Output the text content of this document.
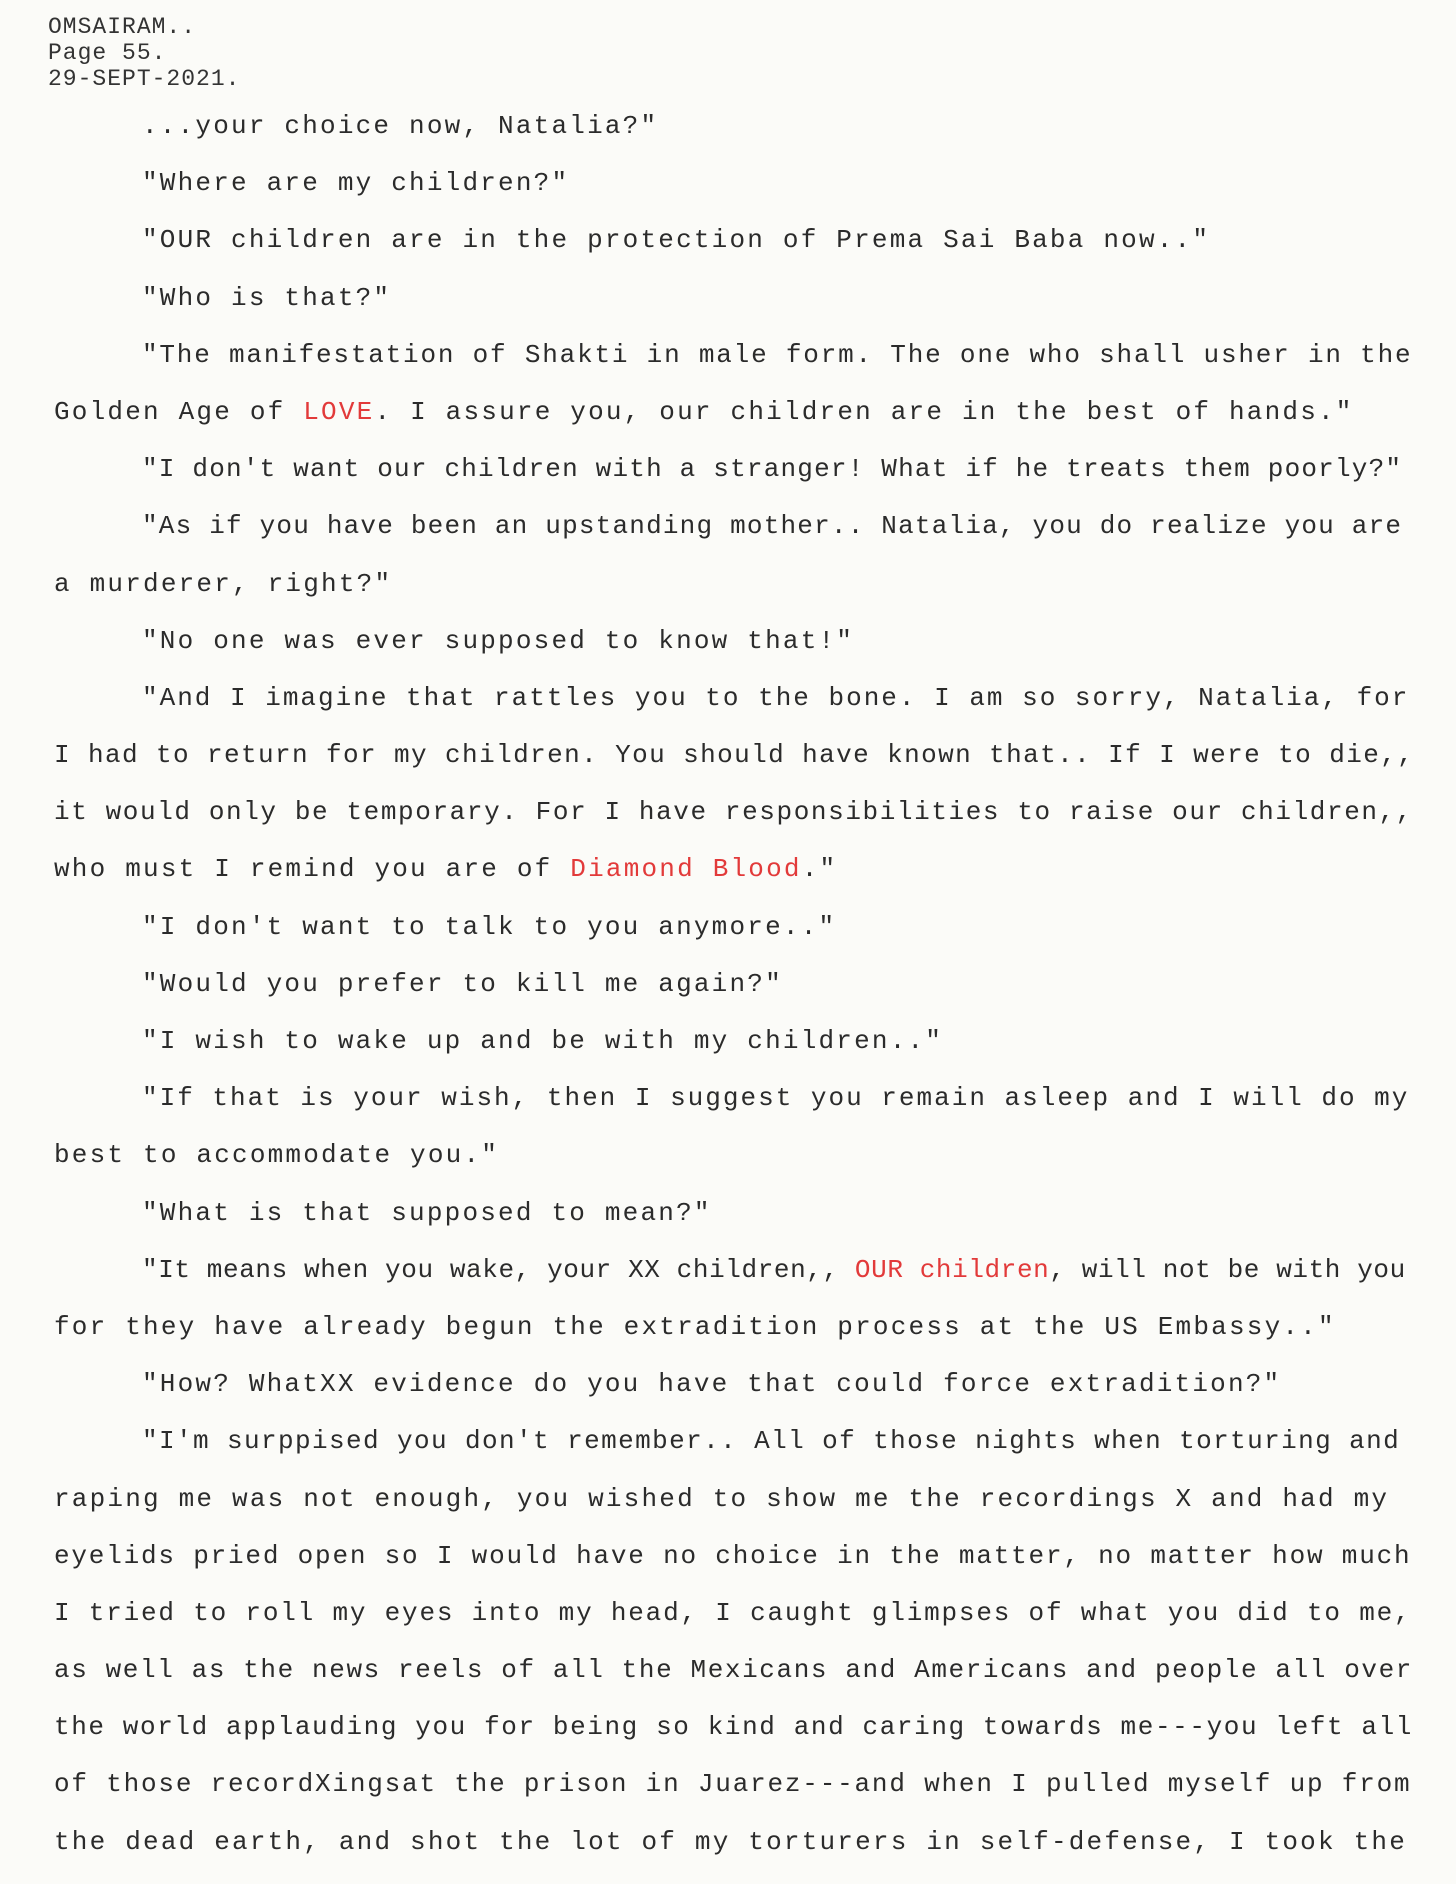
OMSAIRAM..
Page 55.
29-SEPT-2021.
...your choice now, Natalia?"
"Where are my children?"
"OUR children are in the protection of Prema Sai Baba now.."
"Who is that?"
"The manifestation of Shakti in male form. The one who shall usher in the
Golden Age of LOVE. I assure you, our children are in the best of hands."
"I don't want our children with a stranger! What if he treats them poorly?"
"As if you have been an upstanding mother.. Natalia, you do realize you are
a murderer, right?"
"No one was ever supposed to know that!"
"And I imagine that rattles you to the bone. I am so sorry, Natalia, for
I had to return for my children. You should have known that.. If I were to die,,
it would only be temporary. For I have responsibilities to raise our children,,
who must I remind you are of Diamond Blood."
"I don't want to talk to you anymore.."
"Would you prefer to kill me again?"
"I wish to wake up and be with my children.."
"If that is your wish, then I suggest you remain asleep and I will do my
best to accommodate you."
"What is that supposed to mean?"
"It means when you wake, your XX children,, OUR children, will not be with you
for they have already begun the extradition process at the US Embassy.."
"How? WhatXX evidence do you have that could force extradition?"
"I'm surppised you don't remember.. All of those nights when torturing and
raping me was not enough, you wished to show me the recordings X and had my
eyelids pried open so I would have no choice in the matter, no matter how much
I tried to roll my eyes into my head, I caught glimpses of what you did to me,
as well as the news reels of all the Mexicans and Americans and people all over
the world applauding you for being so kind and caring towards me---you left all
of those recordXingsat the prison in Juarez---and when I pulled myself up from
the dead earth, and shot the lot of my torturers in self-defense, I took the
